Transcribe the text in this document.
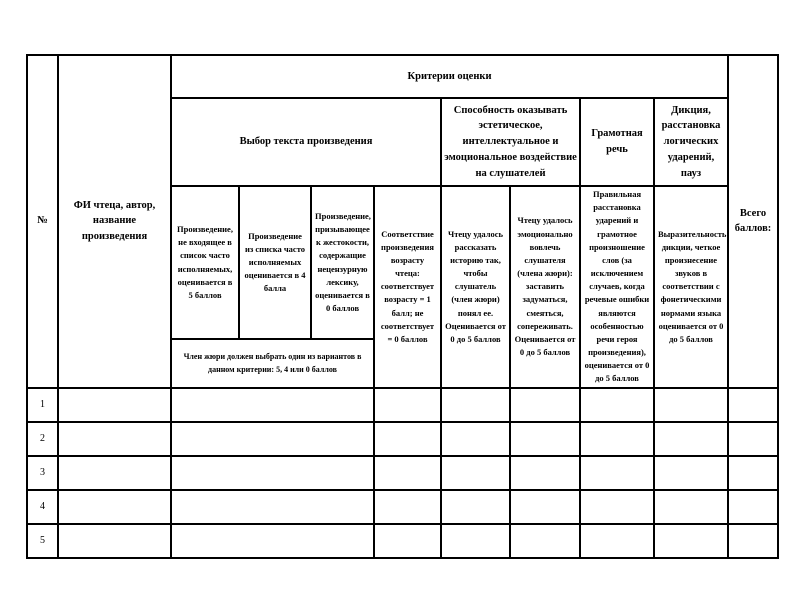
№	ФИ чтеца, автор, название произведения	Критерии оценки								Всего баллов:
		Выбор текста произведения				Способность оказывать эстетическое, интеллектуальное и эмоциональное воздействие на слушателей		Грамотная речь	Дикция, расстановка логических ударений, пауз	
		Произведение, не входящее в список часто исполняемых, оценивается в 5 баллов	Произведение из списка часто исполняемых оценивается в 4 балла	Произведение, призывающее к жестокости, содержащие нецензурную лексику, оценивается в 0 баллов	Соответствие произведения возрасту чтеца: соответствует возрасту = 1 балл; не соответствует = 0 баллов	Чтецу удалось рассказать историю так, чтобы слушатель (член жюри) понял ее. Оценивается от 0 до 5 баллов	Чтецу удалось эмоционально вовлечь слушателя (члена жюри): заставить задуматься, смеяться, сопереживать. Оценивается от 0 до 5 баллов	Правильная расстановка ударений и грамотное произношение слов (за исключением случаев, когда речевые ошибки являются особенностью речи героя произведения), оценивается от 0 до 5 баллов	Выразительность дикции, четкое произнесение звуков в соответствии с фонетическими нормами языка оценивается от 0 до 5 баллов	
		Член жюри должен выбрать один из вариантов в данном критерии: 5, 4 или 0 баллов								
1										
2										
3										
4										
5										
